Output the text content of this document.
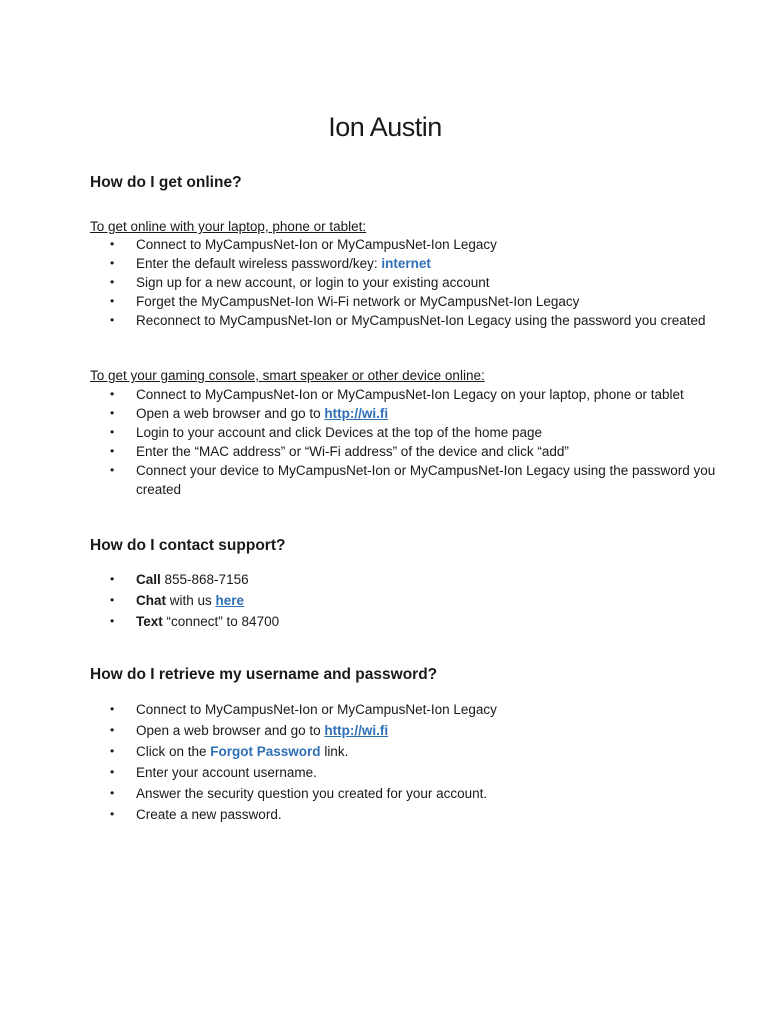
Ion Austin
How do I get online?

To get online with your laptop, phone or tablet:

• Connect to MyCampusNet-Ion or MyCampusNet-Ion Legacy
• Enter the default wireless password/key: internet
• Sign up for a new account, or login to your existing account
• Forget the MyCampusNet-Ion Wi-Fi network or MyCampusNet-Ion Legacy
• Reconnect to MyCampusNet-Ion or MyCampusNet-Ion Legacy using the password you created

To get your gaming console, smart speaker or other device online:

• Connect to MyCampusNet-Ion or MyCampusNet-Ion Legacy on your laptop, phone or tablet
• Open a web browser and go to http://wi.fi
• Login to your account and click Devices at the top of the home page
• Enter the “MAC address” or “Wi-Fi address” of the device and click “add”
• Connect your device to MyCampusNet-Ion or MyCampusNet-Ion Legacy using the password you created
How do I contact support?
• Call 855-868-7156
• Chat with us here
• Text “connect” to 84700
How do I retrieve my username and password?
• Connect to MyCampusNet-Ion or MyCampusNet-Ion Legacy
• Open a web browser and go to http://wi.fi
• Click on the Forgot Password link.
• Enter your account username.
• Answer the security question you created for your account.
• Create a new password.
